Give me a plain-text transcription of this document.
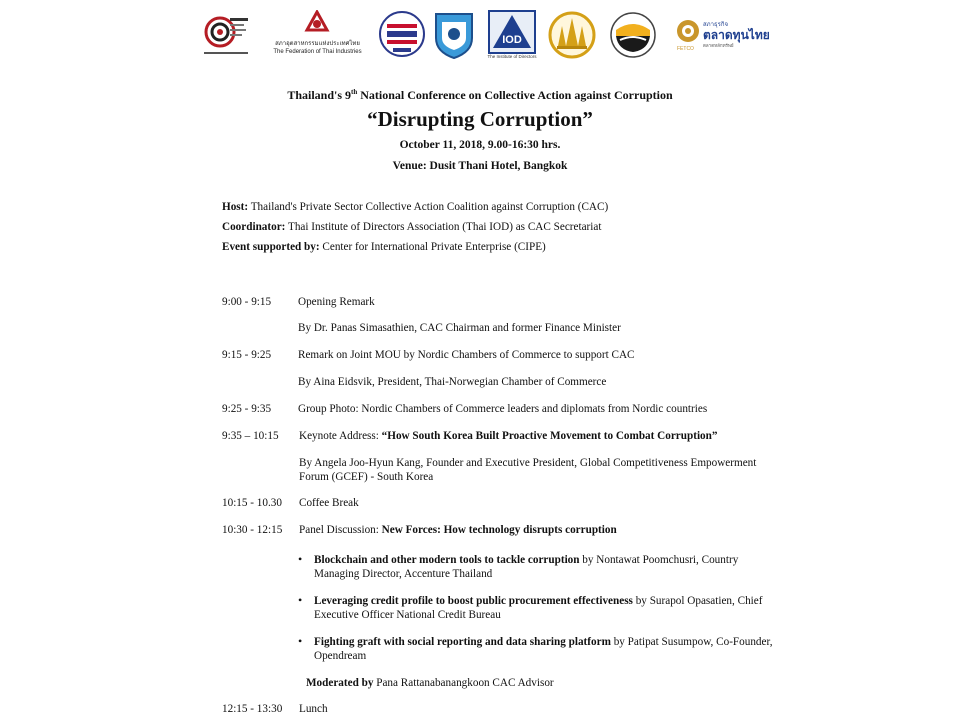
สภาอุตสาหกรรมแห่งประเทศไทย
The Federation of Thai Industries
IOD
The Institute of Directors
FETCO
สภาธุรกิจ
ตลาดทุนไทย
ตลาดหลักทรัพย์
Thailand's 9th National Conference on Collective Action against Corruption
“Disrupting Corruption”
October 11, 2018, 9.00-16:30 hrs.
Venue: Dusit Thani Hotel, Bangkok
Host: Thailand's Private Sector Collective Action Coalition against Corruption (CAC)
Coordinator: Thai Institute of Directors Association (Thai IOD) as CAC Secretariat
Event supported by: Center for International Private Enterprise (CIPE)
9:00 - 9:15 Opening Remark
By Dr. Panas Simasathien, CAC Chairman and former Finance Minister
9:15 - 9:25 Remark on Joint MOU by Nordic Chambers of Commerce to support CAC
By Aina Eidsvik, President, Thai-Norwegian Chamber of Commerce
9:25 - 9:35 Group Photo: Nordic Chambers of Commerce leaders and diplomats from Nordic countries
9:35 – 10:15 Keynote Address: “How South Korea Built Proactive Movement to Combat Corruption”
By Angela Joo-Hyun Kang, Founder and Executive President, Global Competitiveness Empowerment Forum (GCEF) - South Korea
10:15 - 10.30 Coffee Break
10:30 - 12:15 Panel Discussion: New Forces: How technology disrupts corruption
• Blockchain and other modern tools to tackle corruption by Nontawat Poomchusri, Country Managing Director, Accenture Thailand
• Leveraging credit profile to boost public procurement effectiveness by Surapol Opasatien, Chief Executive Officer National Credit Bureau
• Fighting graft with social reporting and data sharing platform by Patipat Susumpow, Co-Founder, Opendream
Moderated by Pana Rattanabanangkoon CAC Advisor
12:15 - 13:30 Lunch
